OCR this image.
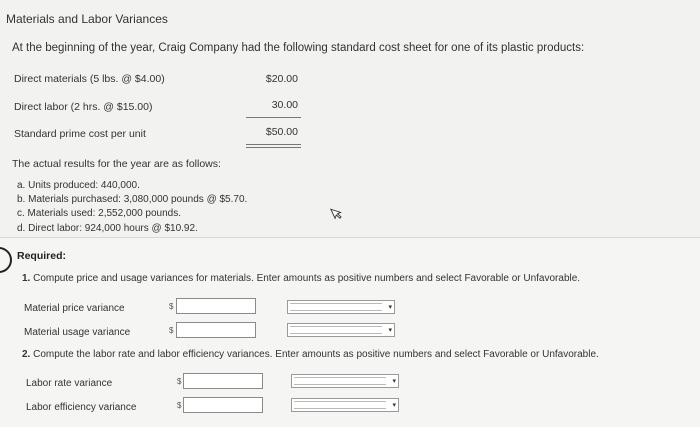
Materials and Labor Variances
At the beginning of the year, Craig Company had the following standard cost sheet for one of its plastic products:
Direct materials (5 lbs. @ $4.00)	$20.00
Direct labor (2 hrs. @ $15.00)	30.00
Standard prime cost per unit	$50.00
The actual results for the year are as follows:
a. Units produced: 440,000.
b. Materials purchased: 3,080,000 pounds @ $5.70.
c. Materials used: 2,552,000 pounds.
d. Direct labor: 924,000 hours @ $10.92.
Required:
1. Compute price and usage variances for materials. Enter amounts as positive numbers and select Favorable or Unfavorable.
Material price variance	$	▾
Material usage variance	$	▾
2. Compute the labor rate and labor efficiency variances. Enter amounts as positive numbers and select Favorable or Unfavorable.
Labor rate variance	$	▾
Labor efficiency variance	$	▾
